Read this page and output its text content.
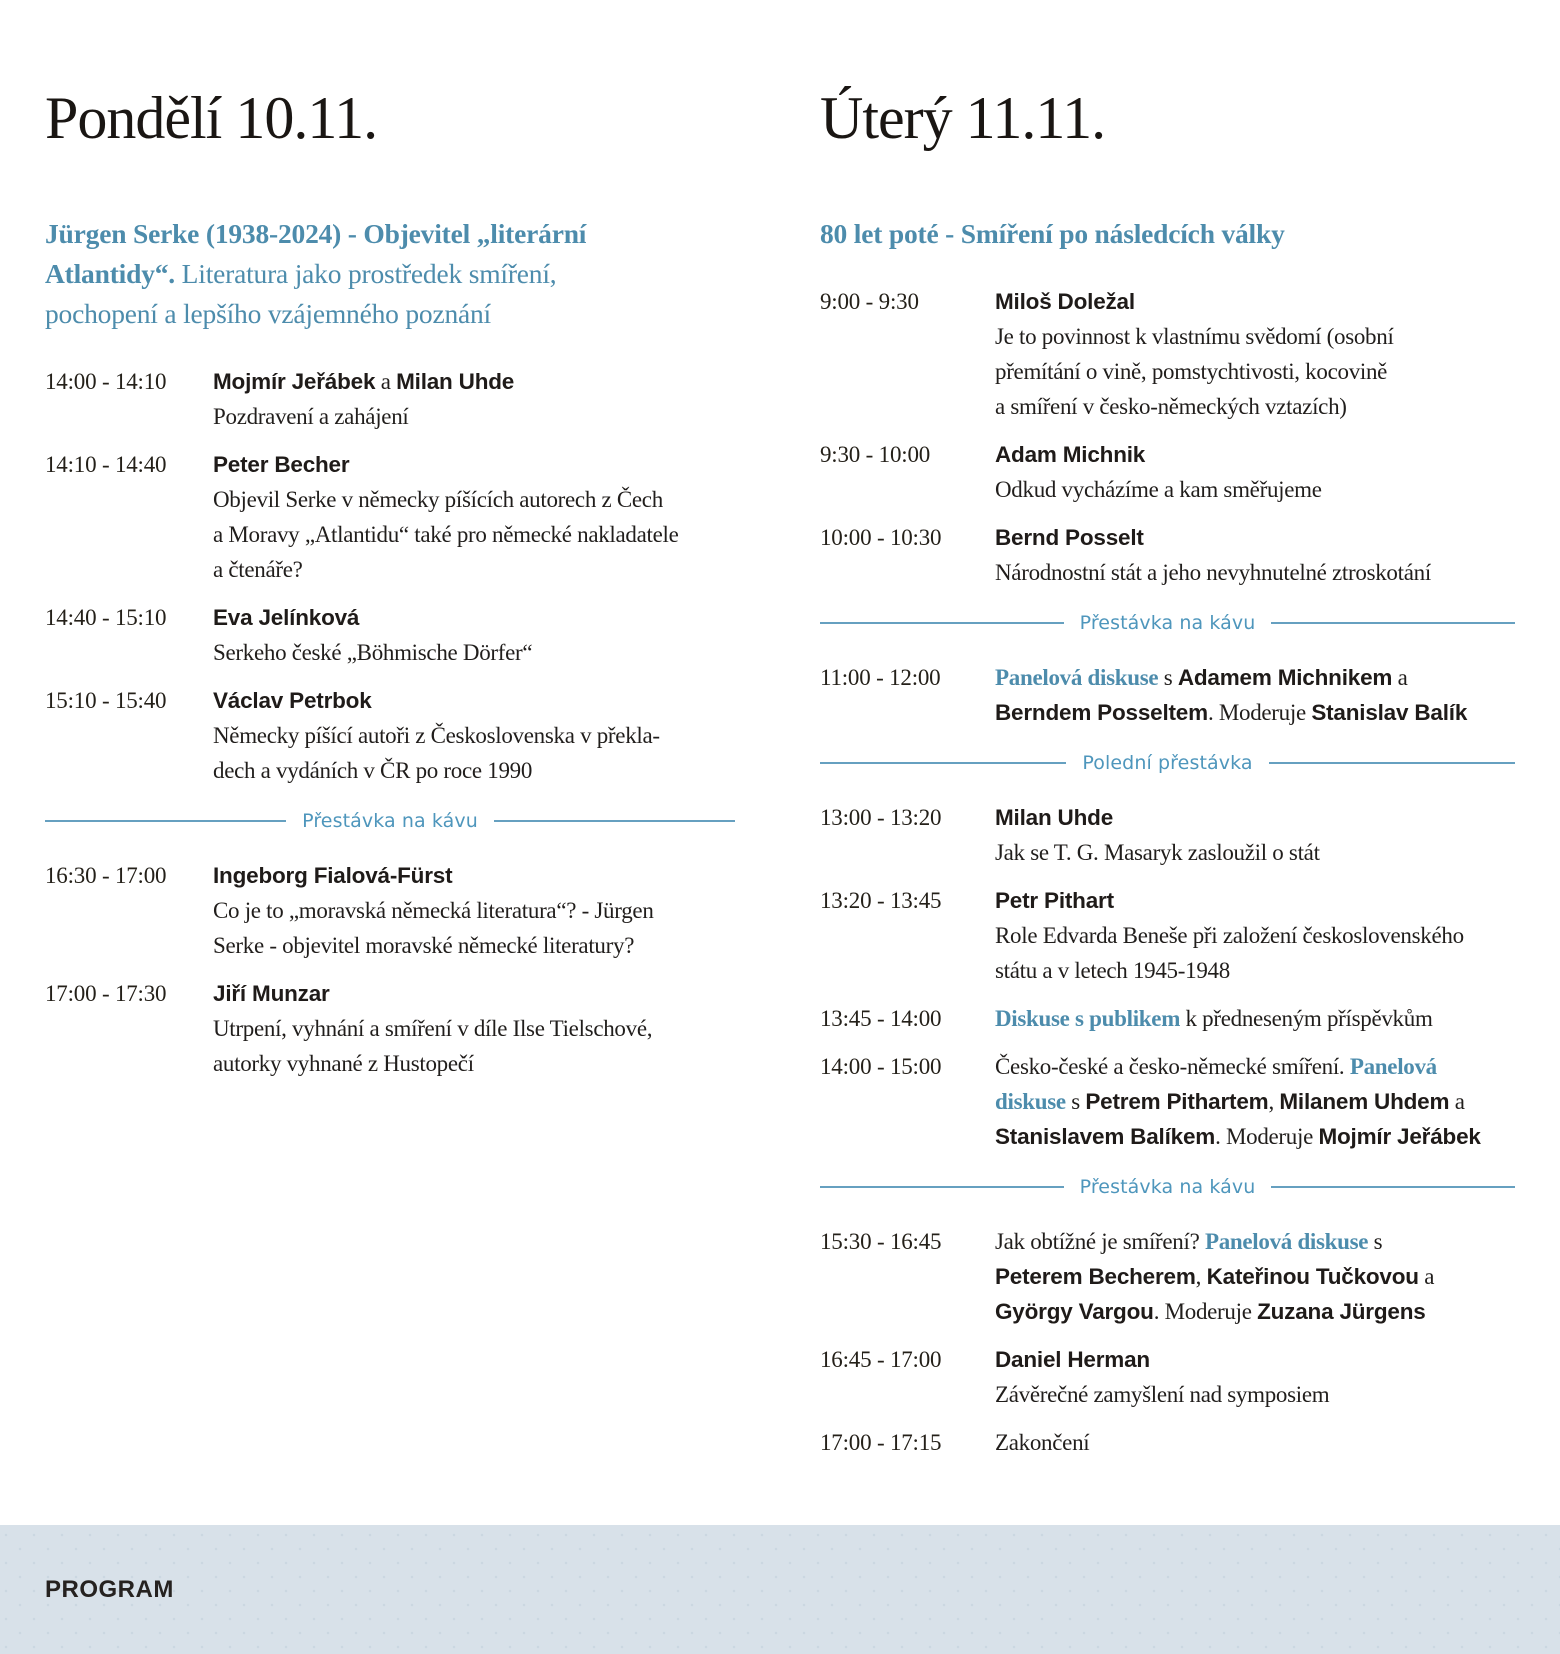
Pondělí 10.11.
Jürgen Serke (1938-2024) - Objevitel „literární
Atlantidy“. Literatura jako prostředek smíření,
pochopení a lepšího vzájemného poznání
14:00 - 14:10	Mojmír Jeřábek a Milan Uhde
Pozdravení a zahájení
14:10 - 14:40	Peter Becher
Objevil Serke v německy píšících autorech z Čech
a Moravy „Atlantidu“ také pro německé nakladatele
a čtenáře?
14:40 - 15:10	Eva Jelínková
Serkeho české „Böhmische Dörfer“
15:10 - 15:40	Václav Petrbok
Německy píšící autoři z Československa v překla-
dech a vydáních v ČR po roce 1990
Přestávka na kávu
16:30 - 17:00	Ingeborg Fialová-Fürst
Co je to „moravská německá literatura“? - Jürgen
Serke - objevitel moravské německé literatury?
17:00 - 17:30	Jiří Munzar
Utrpení, vyhnání a smíření v díle Ilse Tielschové,
autorky vyhnané z Hustopečí
Úterý 11.11.
80 let poté - Smíření po následcích války
9:00 - 9:30	Miloš Doležal
Je to povinnost k vlastnímu svědomí (osobní
přemítání o vině, pomstychtivosti, kocovině
a smíření v česko-německých vztazích)
9:30 - 10:00	Adam Michnik
Odkud vycházíme a kam směřujeme
10:00 - 10:30	Bernd Posselt
Národnostní stát a jeho nevyhnutelné ztroskotání
Přestávka na kávu
11:00 - 12:00	Panelová diskuse s Adamem Michnikem a
Berndem Posseltem. Moderuje Stanislav Balík
Polední přestávka
13:00 - 13:20	Milan Uhde
Jak se T. G. Masaryk zasloužil o stát
13:20 - 13:45	Petr Pithart
Role Edvarda Beneše při založení československého
státu a v letech 1945-1948
13:45 - 14:00	Diskuse s publikem k předneseným příspěvkům
14:00 - 15:00	Česko-české a česko-německé smíření. Panelová
diskuse s Petrem Pithartem, Milanem Uhdem a
Stanislavem Balíkem. Moderuje Mojmír Jeřábek
Přestávka na kávu
15:30 - 16:45	Jak obtížné je smíření? Panelová diskuse s
Peterem Becherem, Kateřinou Tučkovou a
György Vargou. Moderuje Zuzana Jürgens
16:45 - 17:00	Daniel Herman
Závěrečné zamyšlení nad symposiem
17:00 - 17:15	Zakončení
PROGRAM
